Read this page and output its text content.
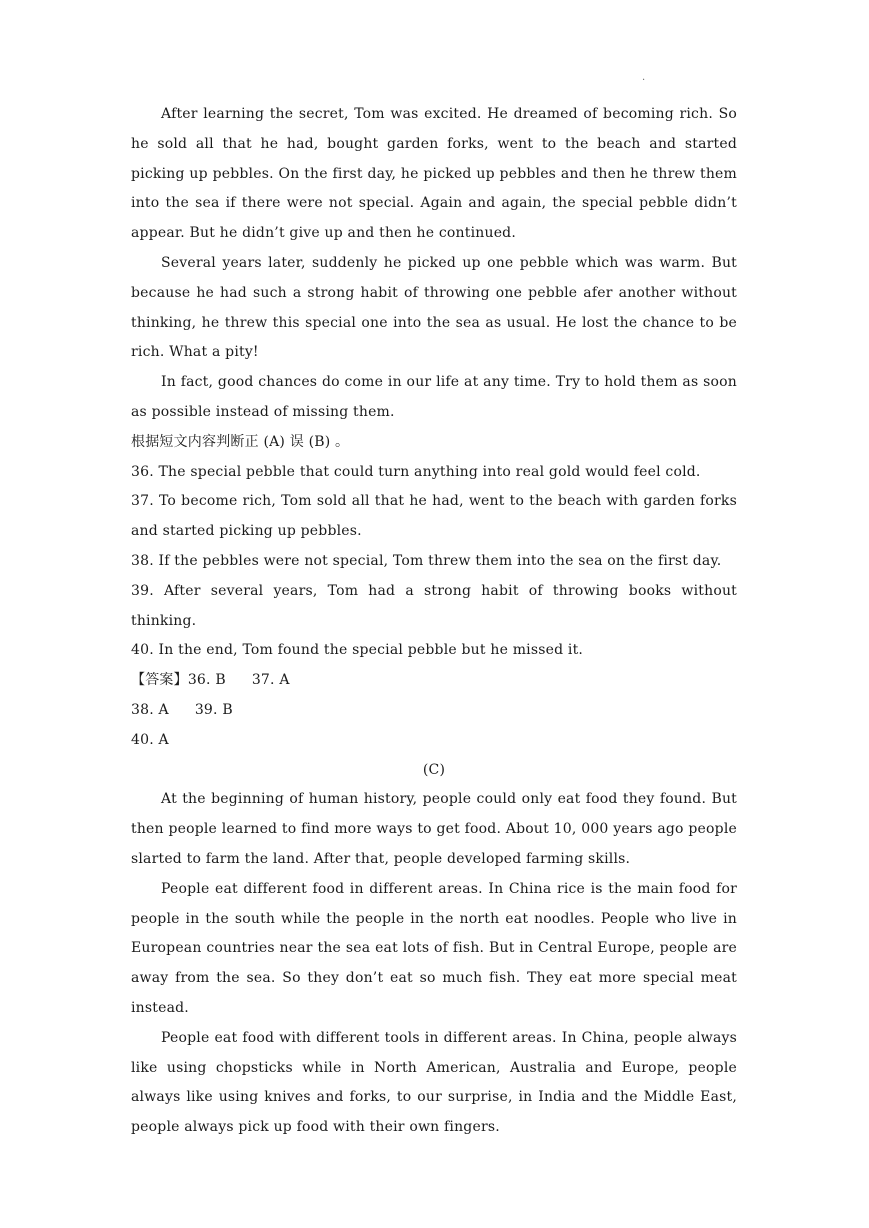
.

After learning the secret, Tom was excited. He dreamed of becoming rich. So he sold all that he had, bought garden forks, went to the beach and started picking up pebbles. On the first day, he picked up pebbles and then he threw them into the sea if there were not special. Again and again, the special pebble didn’t appear. But he didn’t give up and then he continued.

Several years later, suddenly he picked up one pebble which was warm. But because he had such a strong habit of throwing one pebble afer another without thinking, he threw this special one into the sea as usual. He lost the chance to be rich. What a pity!

In fact, good chances do come in our life at any time. Try to hold them as soon as possible instead of missing them.

根据短文内容判断正 (A) 误 (B) 。

36. The special pebble that could turn anything into real gold would feel cold.

37. To become rich, Tom sold all that he had, went to the beach with garden forks and started picking up pebbles.

38. If the pebbles were not special, Tom threw them into the sea on the first day.

39. After several years, Tom had a strong habit of throwing books without thinking.

40. In the end, Tom found the special pebble but he missed it.

【答案】36. B 37. A

38. A 39. B

40. A

(C)

At the beginning of human history, people could only eat food they found. But then people learned to find more ways to get food. About 10, 000 years ago people slarted to farm the land. After that, people developed farming skills.

People eat different food in different areas. In China rice is the main food for people in the south while the people in the north eat noodles. People who live in European countries near the sea eat lots of fish. But in Central Europe, people are away from the sea. So they don’t eat so much fish. They eat more special meat instead.

People eat food with different tools in different areas. In China, people always like using chopsticks while in North American, Australia and Europe, people always like using knives and forks, to our surprise, in India and the Middle East, people always pick up food with their own fingers.
